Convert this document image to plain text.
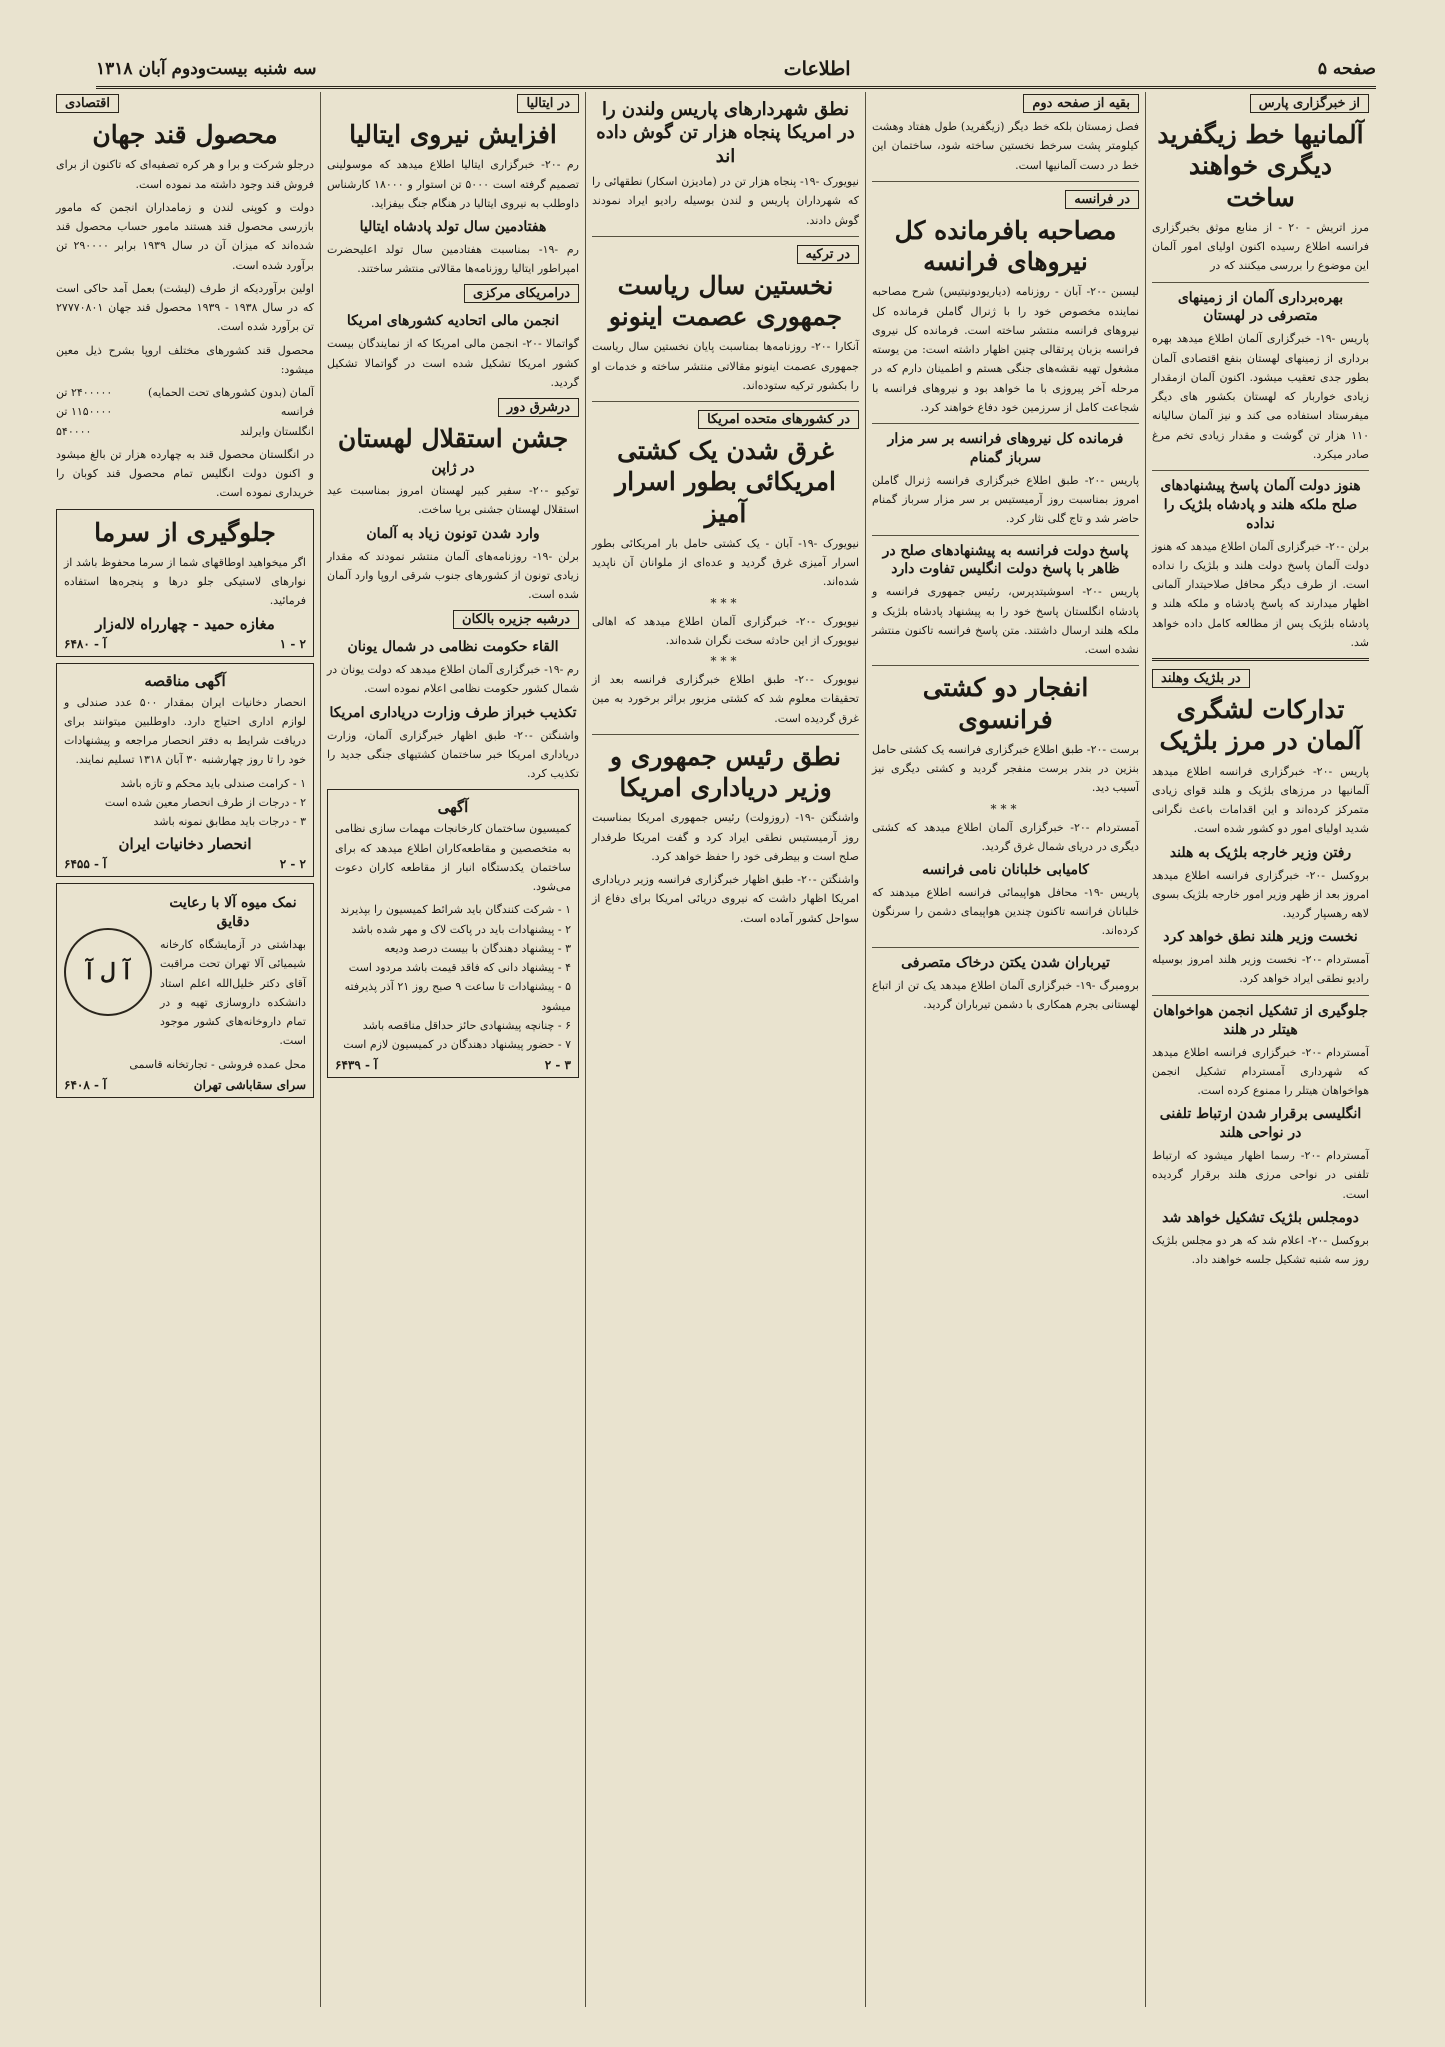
صفحه ۵
اطلاعات
سه شنبه بیست‌ودوم آبان ۱۳۱۸
از خبرگزاری پارس
آلمانیها خط زیگفرید دیگری خواهند ساخت

مرز اتریش - ۲۰ - از منابع موثق بخبرگزاری فرانسه اطلاع رسیده اکنون اولیای امور آلمان این موضوع را بررسی میکنند که در

بهره‌برداری آلمان از زمینهای متصرفی در لهستان

پاریس -۱۹- خبرگزاری آلمان اطلاع میدهد بهره برداری از زمینهای لهستان بنفع اقتصادی آلمان بطور جدی تعقیب میشود. اکنون آلمان ازمقدار زیادی خواربار که لهستان بکشور های دیگر میفرستاد استفاده می کند و نیز آلمان سالیانه ۱۱۰ هزار تن گوشت و مقدار زیادی تخم مرغ صادر میکرد.

هنوز دولت آلمان پاسخ پیشنهادهای صلح ملکه هلند و پادشاه بلژیک را نداده

برلن -۲۰- خبرگزاری آلمان اطلاع میدهد که هنوز دولت آلمان پاسخ دولت هلند و بلژیک را نداده است. از طرف دیگر محافل صلاحیتدار آلمانی اظهار میدارند که پاسخ پادشاه و ملکه هلند و پادشاه بلژیک پس از مطالعه کامل داده خواهد شد.

در بلژیک وهلند
تدارکات لشگری آلمان در مرز بلژیک

پاریس -۲۰- خبرگزاری فرانسه اطلاع میدهد آلمانیها در مرزهای بلژیک و هلند قوای زیادی متمرکز کرده‌اند و این اقدامات باعث نگرانی شدید اولیای امور دو کشور شده است.

رفتن وزیر خارجه بلژیک به هلند

بروکسل -۲۰- خبرگزاری فرانسه اطلاع میدهد امروز بعد از ظهر وزیر امور خارجه بلژیک بسوی لاهه رهسپار گردید.

نخست وزیر هلند نطق خواهد کرد

آمستردام -۲۰- نخست وزیر هلند امروز بوسیله رادیو نطقی ایراد خواهد کرد.

جلوگیری از تشکیل انجمن هواخواهان هیتلر در هلند

آمستردام -۲۰- خبرگزاری فرانسه اطلاع میدهد که شهرداری آمستردام تشکیل انجمن هواخواهان هیتلر را ممنوع کرده است.

انگلیسی برقرار شدن ارتباط تلفنی در نواحی هلند

آمستردام -۲۰- رسما اظهار میشود که ارتباط تلفنی در نواحی مرزی هلند برقرار گردیده است.

دومجلس بلژیک تشکیل خواهد شد

بروکسل -۲۰- اعلام شد که هر دو مجلس بلژیک روز سه شنبه تشکیل جلسه خواهند داد.

بقیه از صفحه دوم

فصل زمستان بلکه خط دیگر (زیگفرید) طول هفتاد وهشت کیلومتر پشت سرخط نخستین ساخته شود، ساختمان این خط در دست آلمانیها است.

در فرانسه
مصاحبه بافرمانده کل نیروهای فرانسه

لیسبن -۲۰- آبان - روزنامه (دیاریودونیتیس) شرح مصاحبه نماینده مخصوص خود را با ژنرال گاملن فرمانده کل نیروهای فرانسه منتشر ساخته است. فرمانده کل نیروی فرانسه بزبان پرتقالی چنین اظهار داشته است: من یوسته مشغول تهیه نقشه‌های جنگی هستم و اطمینان دارم که در مرحله آخر پیروزی با ما خواهد بود و نیروهای فرانسه با شجاعت کامل از سرزمین خود دفاع خواهند کرد.

فرمانده کل نیروهای فرانسه بر سر مزار سرباز گمنام

پاریس -۲۰- طبق اطلاع خبرگزاری فرانسه ژنرال گاملن امروز بمناسبت روز آرمیستیس بر سر مزار سرباز گمنام حاضر شد و تاج گلی نثار کرد.

پاسخ دولت فرانسه به پیشنهادهای صلح در ظاهر با پاسخ دولت انگلیس تفاوت دارد

پاریس -۲۰- اسوشیتدپرس، رئیس جمهوری فرانسه و پادشاه انگلستان پاسخ خود را به پیشنهاد پادشاه بلژیک و ملکه هلند ارسال داشتند. متن پاسخ فرانسه تاکنون منتشر نشده است.

انفجار دو کشتی فرانسوی

برست -۲۰- طبق اطلاع خبرگزاری فرانسه یک کشتی حامل بنزین در بندر برست منفجر گردید و کشتی دیگری نیز آسیب دید.

***

آمستردام -۲۰- خبرگزاری آلمان اطلاع میدهد که کشتی دیگری در دریای شمال غرق گردید.

کامیابی خلبانان نامی فرانسه

پاریس -۱۹- محافل هواپیمائی فرانسه اطلاع میدهند که خلبانان فرانسه تاکنون چندین هواپیمای دشمن را سرنگون کرده‌اند.

تیرباران شدن یکتن درخاک متصرفی

برومبرگ -۱۹- خبرگزاری آلمان اطلاع میدهد یک تن از اتباع لهستانی بجرم همکاری با دشمن تیرباران گردید.

نطق شهردارهای پاریس ولندن را در امریکا پنجاه هزار تن گوش داده اند

نیویورک -۱۹- پنجاه هزار تن در (مادیزن اسکار) نطقهائی را که شهرداران پاریس و لندن بوسیله رادیو ایراد نمودند گوش دادند.

در ترکیه
نخستین سال ریاست جمهوری عصمت اینونو

آنکارا -۲۰- روزنامه‌ها بمناسبت پایان نخستین سال ریاست جمهوری عصمت اینونو مقالاتی منتشر ساخته و خدمات او را بکشور ترکیه ستوده‌اند.

در کشورهای متحده امریکا
غرق شدن یک کشتی امریکائی بطور اسرار آمیز

نیویورک -۱۹- آبان - یک کشتی حامل بار امریکائی بطور اسرار آمیزی غرق گردید و عده‌ای از ملوانان آن ناپدید شده‌اند.

***

نیویورک -۲۰- خبرگزاری آلمان اطلاع میدهد که اهالی نیویورک از این حادثه سخت نگران شده‌اند.

***

نیویورک -۲۰- طبق اطلاع خبرگزاری فرانسه بعد از تحقیقات معلوم شد که کشتی مزبور براثر برخورد به مین غرق گردیده است.

نطق رئیس جمهوری و وزیر دریاداری امریکا

واشنگتن -۱۹- (روزولت) رئیس جمهوری امریکا بمناسبت روز آرمیستیس نطقی ایراد کرد و گفت امریکا طرفدار صلح است و بیطرفی خود را حفظ خواهد کرد.

واشنگتن -۲۰- طبق اظهار خبرگزاری فرانسه وزیر دریاداری امریکا اظهار داشت که نیروی دریائی امریکا برای دفاع از سواحل کشور آماده است.

در ایتالیا
افزایش نیروی ایتالیا

رم -۲۰- خبرگزاری ایتالیا اطلاع میدهد که موسولینی تصمیم گرفته است ۵۰۰۰ تن استوار و ۱۸۰۰۰ کارشناس داوطلب به نیروی ایتالیا در هنگام جنگ بیفزاید.

هفتادمین سال تولد پادشاه ایتالیا

رم -۱۹- بمناسبت هفتادمین سال تولد اعلیحضرت امپراطور ایتالیا روزنامه‌ها مقالاتی منتشر ساختند.

درامریکای مرکزی
انجمن مالی اتحادیه کشورهای امریکا

گواتمالا -۲۰- انجمن مالی امریکا که از نمایندگان بیست کشور امریکا تشکیل شده است در گواتمالا تشکیل گردید.

درشرق دور
جشن استقلال لهستان
در ژاپن

توکیو -۲۰- سفیر کبیر لهستان امروز بمناسبت عید استقلال لهستان جشنی برپا ساخت.

وارد شدن تونون زیاد به آلمان

برلن -۱۹- روزنامه‌های آلمان منتشر نمودند که مقدار زیادی تونون از کشورهای جنوب شرقی اروپا وارد آلمان شده است.

درشبه جزیره بالکان
القاء حکومت نظامی در شمال یونان

رم -۱۹- خبرگزاری آلمان اطلاع میدهد که دولت یونان در شمال کشور حکومت نظامی اعلام نموده است.

تکذیب خبراز طرف وزارت دریاداری امریکا

واشنگتن -۲۰- طبق اظهار خبرگزاری آلمان، وزارت دریاداری امریکا خبر ساختمان کشتیهای جنگی جدید را تکذیب کرد.

آگهی

کمیسیون ساختمان کارخانجات مهمات سازی نظامی به متخصصین و مقاطعه‌کاران اطلاع میدهد که برای ساختمان یکدستگاه انبار از مقاطعه کاران دعوت می‌شود.

۱ - شرکت کنندگان باید شرائط کمیسیون را بپذیرند
۲ - پیشنهادات باید در پاکت لاک و مهر شده باشد
۳ - پیشنهاد دهندگان با بیست درصد ودیعه
۴ - پیشنهاد دانی که فاقد قیمت باشد مردود است
۵ - پیشنهادات تا ساعت ۹ صبح روز ۲۱ آذر پذیرفته میشود
۶ - چنانچه پیشنهادی حائز حداقل مناقصه باشد
۷ - حضور پیشنهاد دهندگان در کمیسیون لازم است
۳ - ۲
آ - ۶۴۳۹
اقتصادی
محصول قند جهان

درجلو شرکت و برا و هر کره تصفیه‌ای که تاکنون از برای فروش قند وجود داشته مد نموده است.

دولت و کوپنی لندن و زمامداران انجمن که مامور بازرسی محصول قند هستند مامور حساب محصول قند شده‌اند که میزان آن در سال ۱۹۳۹ برابر ۲۹۰۰۰۰ تن برآورد شده است.

اولین برآوردیکه از طرف (لیشت) بعمل آمد حاکی است که در سال ۱۹۳۸ - ۱۹۳۹ محصول قند جهان ۲۷۷۷۰۸۰۱ تن برآورد شده است.

محصول قند کشورهای مختلف اروپا بشرح ذیل معین میشود:

آلمان (بدون کشورهای تحت الحمایه)
۲۴۰۰۰۰۰ تن
فرانسه
۱۱۵۰۰۰۰ تن
انگلستان وایرلند
۵۴۰۰۰۰

در انگلستان محصول قند به چهارده هزار تن بالغ میشود و اکنون دولت انگلیس تمام محصول قند کوبان را خریداری نموده است.

جلوگیری از سرما

اگر میخواهید اوطاقهای شما از سرما محفوظ باشد از نوارهای لاستیکی جلو درها و پنجره‌ها استفاده فرمائید.

مغازه حمید - چهارراه لاله‌زار
۲ - ۱
آ - ۶۴۸۰
آگهی مناقصه

انحصار دخانیات ایران بمقدار ۵۰۰ عدد صندلی و لوازم اداری احتیاج دارد. داوطلبین میتوانند برای دریافت شرایط به دفتر انحصار مراجعه و پیشنهادات خود را تا روز چهارشنبه ۳۰ آبان ۱۳۱۸ تسلیم نمایند.

۱ - کرامت صندلی باید محکم و تازه باشد
۲ - درجات از طرف انحصار معین شده است
۳ - درجات باید مطابق نمونه باشد
انحصار دخانیات ایران
۲ - ۲
آ - ۶۴۵۵
نمک میوه آلا با رعایت دقایق

بهداشتی در آزمایشگاه کارخانه شیمیائی آلا تهران تحت مراقبت آقای دکتر خلیل‌الله اعلم استاد دانشکده داروسازی تهیه و در تمام داروخانه‌های کشور موجود است.

آ ل آ

محل عمده فروشی - تجارتخانه قاسمی

سرای سقاباشی تهران
آ - ۶۴۰۸
